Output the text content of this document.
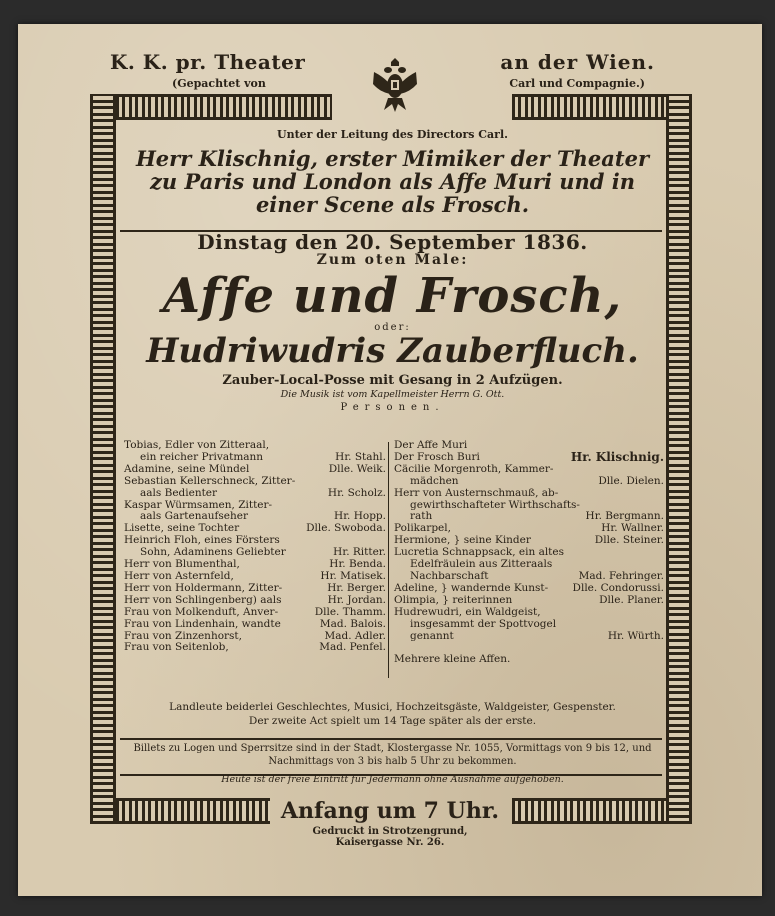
K. K. pr. Theater
(Gepachtet von
an der Wien.
Carl und Compagnie.)
Unter der Leitung des Directors Carl.
Herr Klischnig, erster Mimiker der Theater zu Paris und London als Affe Muri und in einer Scene als Frosch.
Dinstag den 20. September 1836.
Zum oten Male:
Affe und Frosch,
oder:
Hudriwudris Zauberfluch.
Zauber-Local-Posse mit Gesang in 2 Aufzügen.
Die Musik ist vom Kapellmeister Herrn G. Ott.
Personen.
Tobias, Edler von Zitteraal,
ein reicher Privatmann	Hr. Stahl.
Adamine, seine Mündel	Dlle. Weik.
Sebastian Kellerschneck, Zitter-
aals Bedienter	Hr. Scholz.
Kaspar Würmsamen, Zitter-
aals Gartenaufseher	Hr. Hopp.
Lisette, seine Tochter	Dlle. Swoboda.
Heinrich Floh, eines Försters
Sohn, Adaminens Geliebter	Hr. Ritter.
Herr von Blumenthal,	Hr. Benda.
Herr von Asternfeld,	Hr. Matisek.
Herr von Holdermann, Zitter-	Hr. Berger.
Herr von Schlingenberg) aals	Hr. Jordan.
Frau von Molkenduft, Anver-	Dlle. Thamm.
Frau von Lindenhain, wandte	Mad. Balois.
Frau von Zinzenhorst,	Mad. Adler.
Frau von Seitenlob,	Mad. Penfel.
Der Affe Muri
Der Frosch Buri	Hr. Klischnig.
Cäcilie Morgenroth, Kammer-
mädchen	Dlle. Dielen.
Herr von Austernschmauß, ab-
gewirthschafteter Wirthschafts-
rath	Hr. Bergmann.
Polikarpel,	Hr. Wallner.
Hermione, } seine Kinder	Dlle. Steiner.
Lucretia Schnappsack, ein altes
Edelfräulein aus Zitteraals
Nachbarschaft	Mad. Fehringer.
Adeline, } wandernde Kunst-	Dlle. Condorussi.
Olimpia, } reiterinnen	Dlle. Planer.
Hudrewudri, ein Waldgeist,
insgesammt der Spottvogel
genannt	Hr. Würth.

Mehrere kleine Affen.
Landleute beiderlei Geschlechtes, Musici, Hochzeitsgäste, Waldgeister, Gespenster.
Der zweite Act spielt um 14 Tage später als der erste.
Billets zu Logen und Sperrsitze sind in der Stadt, Klostergasse Nr. 1055, Vormittags von 9 bis 12, und Nachmittags von 3 bis halb 5 Uhr zu bekommen.
Heute ist der freie Eintritt für Jedermann ohne Ausnahme aufgehoben.
Anfang um 7 Uhr.
Gedruckt in Strotzengrund, Kaisergasse Nr. 26.
